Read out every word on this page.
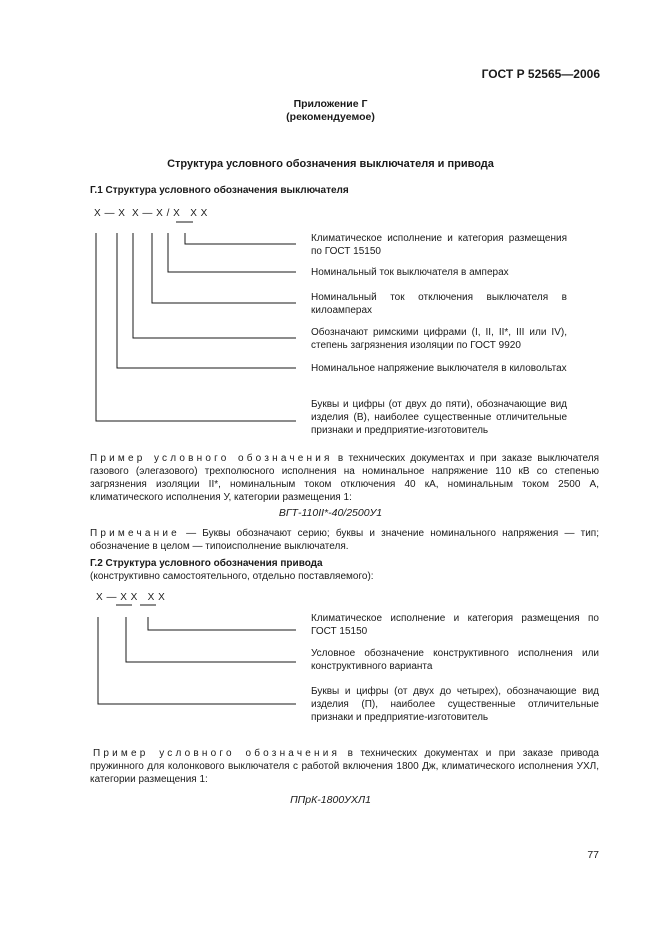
ГОСТ Р 52565—2006
Приложение Г
(рекомендуемое)
Структура условного обозначения выключателя и привода
Г.1 Структура условного обозначения выключателя
Х — Х  Х — Х / Х   Х Х
Климатическое исполнение и категория размещения по ГОСТ 15150
Номинальный ток выключателя в амперах
Номинальный ток отключения выключателя в килоамперах
Обозначают римскими цифрами (I, II, II*, III или IV), степень загрязнения изоляции по ГОСТ 9920
Номинальное напряжение выключателя в киловольтах
Буквы и цифры (от двух до пяти), обозначающие вид изделия (В), наиболее существенные отличительные признаки и предприятие-изготовитель
Пример условного обозначения в технических документах и при заказе выключателя газового (элегазового) трехполюсного исполнения на номинальное напряжение 110 кВ со степенью загрязнения изоляции II*, номинальным током отключения 40 кА, номинальным током 2500 А, климатического исполнения У, категории размещения 1:
ВГТ-110II*-40/2500У1
Примечание — Буквы обозначают серию; буквы и значение номинального напряжения — тип; обозначение в целом — типоисполнение выключателя.
Г.2 Структура условного обозначения привода
(конструктивно самостоятельного, отдельно поставляемого):
Х — Х Х   Х Х
Климатическое исполнение и категория размещения по ГОСТ 15150
Условное обозначение конструктивного исполнения или конструктивного варианта
Буквы и цифры (от двух до четырех), обозначающие вид изделия (П), наиболее существенные отличительные признаки и предприятие-изготовитель
Пример условного обозначения в технических документах и при заказе привода пружинного для колонкового выключателя с работой включения 1800 Дж, климатического исполнения УХЛ, категории размещения 1:
ППрК-1800УХЛ1
77
